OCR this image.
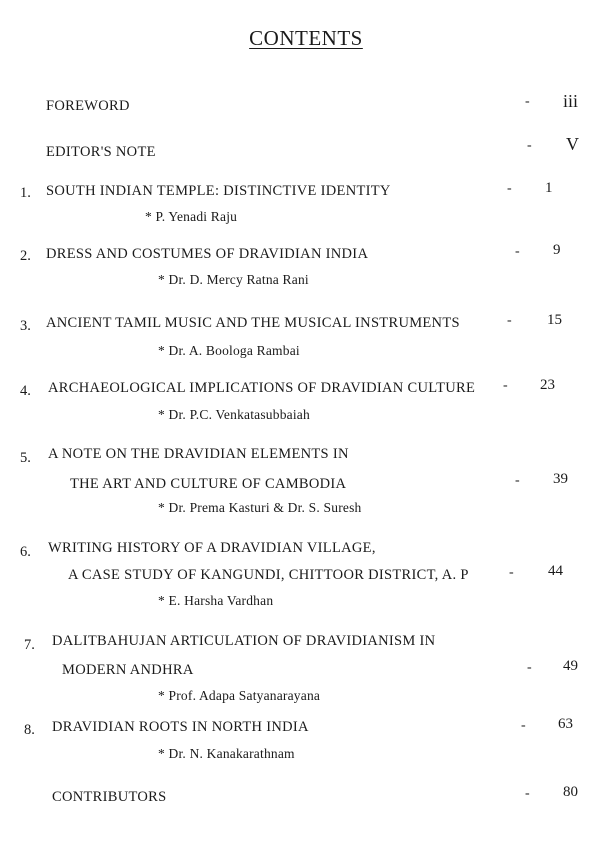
CONTENTS
FOREWORD	- iii
EDITOR'S NOTE	- V
1. SOUTH INDIAN TEMPLE: DISTINCTIVE IDENTITY	- 1
* P. Yenadi Raju
2. DRESS AND COSTUMES OF DRAVIDIAN INDIA	- 9
* Dr. D. Mercy Ratna Rani
3. ANCIENT TAMIL MUSIC AND THE MUSICAL INSTRUMENTS	- 15
* Dr. A. Boologa Rambai
4. ARCHAEOLOGICAL IMPLICATIONS OF DRAVIDIAN CULTURE - 23
* Dr. P.C. Venkatasubbaiah
5. A NOTE ON THE DRAVIDIAN ELEMENTS IN
THE ART AND CULTURE OF CAMBODIA	- 39
* Dr. Prema Kasturi & Dr. S. Suresh
6. WRITING HISTORY OF A DRAVIDIAN VILLAGE,
A CASE STUDY OF KANGUNDI, CHITTOOR DISTRICT, A. P	- 44
* E. Harsha Vardhan
7. DALITBAHUJAN ARTICULATION OF DRAVIDIANISM IN
MODERN ANDHRA	- 49
* Prof. Adapa Satyanarayana
8. DRAVIDIAN ROOTS IN NORTH INDIA	- 63
* Dr. N. Kanakarathnam
CONTRIBUTORS	- 80
